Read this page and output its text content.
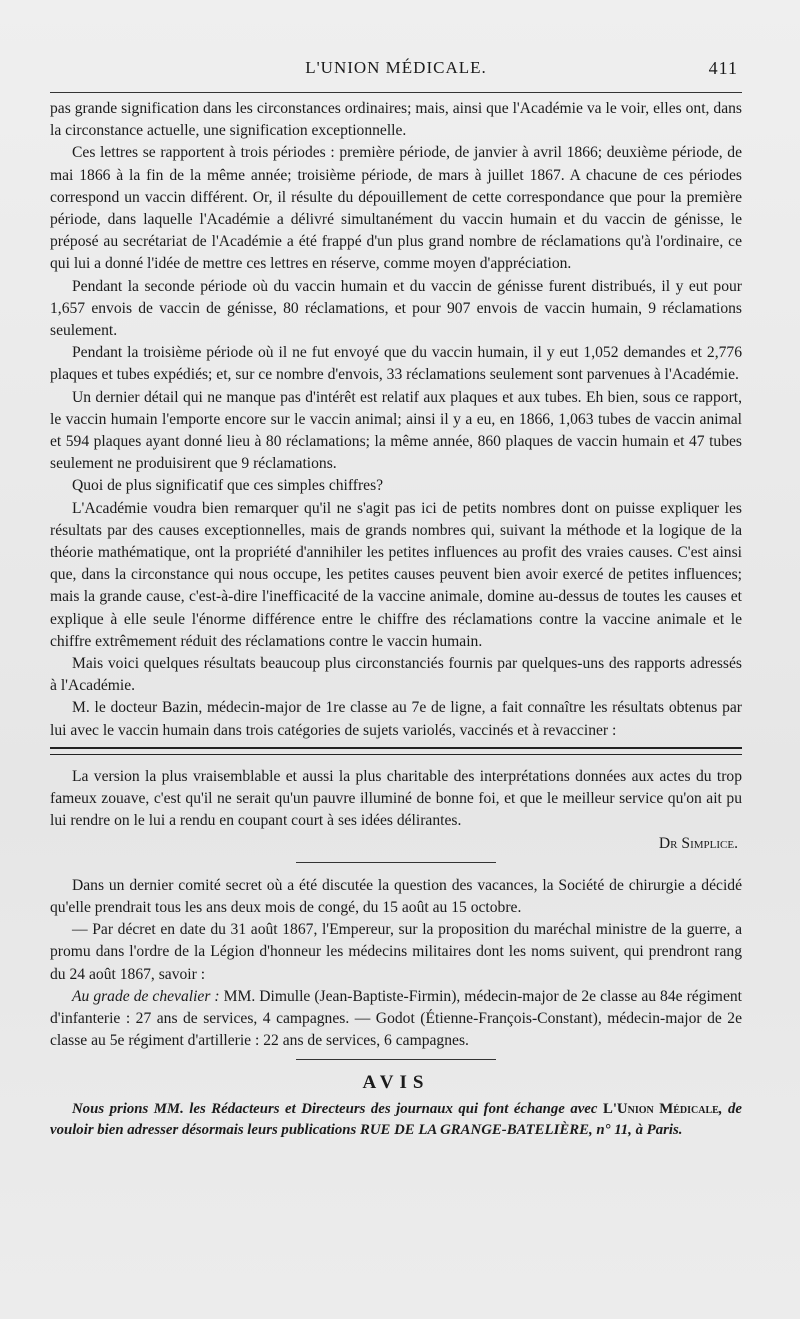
L'UNION MÉDICALE.	411

pas grande signification dans les circonstances ordinaires; mais, ainsi que l'Académie va le voir, elles ont, dans la circonstance actuelle, une signification exceptionnelle.

Ces lettres se rapportent à trois périodes : première période, de janvier à avril 1866; deuxième période, de mai 1866 à la fin de la même année; troisième période, de mars à juillet 1867. A chacune de ces périodes correspond un vaccin différent. Or, il résulte du dépouillement de cette correspondance que pour la première période, dans laquelle l'Académie a délivré simultanément du vaccin humain et du vaccin de génisse, le préposé au secrétariat de l'Académie a été frappé d'un plus grand nombre de réclamations qu'à l'ordinaire, ce qui lui a donné l'idée de mettre ces lettres en réserve, comme moyen d'appréciation.

Pendant la seconde période où du vaccin humain et du vaccin de génisse furent distribués, il y eut pour 1,657 envois de vaccin de génisse, 80 réclamations, et pour 907 envois de vaccin humain, 9 réclamations seulement.

Pendant la troisième période où il ne fut envoyé que du vaccin humain, il y eut 1,052 demandes et 2,776 plaques et tubes expédiés; et, sur ce nombre d'envois, 33 réclamations seulement sont parvenues à l'Académie.

Un dernier détail qui ne manque pas d'intérêt est relatif aux plaques et aux tubes. Eh bien, sous ce rapport, le vaccin humain l'emporte encore sur le vaccin animal; ainsi il y a eu, en 1866, 1,063 tubes de vaccin animal et 594 plaques ayant donné lieu à 80 réclamations; la même année, 860 plaques de vaccin humain et 47 tubes seulement ne produisirent que 9 réclamations.

Quoi de plus significatif que ces simples chiffres?

L'Académie voudra bien remarquer qu'il ne s'agit pas ici de petits nombres dont on puisse expliquer les résultats par des causes exceptionnelles, mais de grands nombres qui, suivant la méthode et la logique de la théorie mathématique, ont la propriété d'annihiler les petites influences au profit des vraies causes. C'est ainsi que, dans la circonstance qui nous occupe, les petites causes peuvent bien avoir exercé de petites influences; mais la grande cause, c'est-à-dire l'inefficacité de la vaccine animale, domine au-dessus de toutes les causes et explique à elle seule l'énorme différence entre le chiffre des réclamations contre la vaccine animale et le chiffre extrêmement réduit des réclamations contre le vaccin humain.

Mais voici quelques résultats beaucoup plus circonstanciés fournis par quelques-uns des rapports adressés à l'Académie.

M. le docteur Bazin, médecin-major de 1re classe au 7e de ligne, a fait connaître les résultats obtenus par lui avec le vaccin humain dans trois catégories de sujets variolés, vaccinés et à revacciner :

La version la plus vraisemblable et aussi la plus charitable des interprétations données aux actes du trop fameux zouave, c'est qu'il ne serait qu'un pauvre illuminé de bonne foi, et que le meilleur service qu'on ait pu lui rendre on le lui a rendu en coupant court à ses idées délirantes.

Dr Simplice.

Dans un dernier comité secret où a été discutée la question des vacances, la Société de chirurgie a décidé qu'elle prendrait tous les ans deux mois de congé, du 15 août au 15 octobre.

— Par décret en date du 31 août 1867, l'Empereur, sur la proposition du maréchal ministre de la guerre, a promu dans l'ordre de la Légion d'honneur les médecins militaires dont les noms suivent, qui prendront rang du 24 août 1867, savoir :

Au grade de chevalier : MM. Dimulle (Jean-Baptiste-Firmin), médecin-major de 2e classe au 84e régiment d'infanterie : 27 ans de services, 4 campagnes. — Godot (Étienne-François-Constant), médecin-major de 2e classe au 5e régiment d'artillerie : 22 ans de services, 6 campagnes.

AVIS

Nous prions MM. les Rédacteurs et Directeurs des journaux qui font échange avec L'Union Médicale, de vouloir bien adresser désormais leurs publications RUE DE LA GRANGE-BATELIÈRE, n° 11, à Paris.
